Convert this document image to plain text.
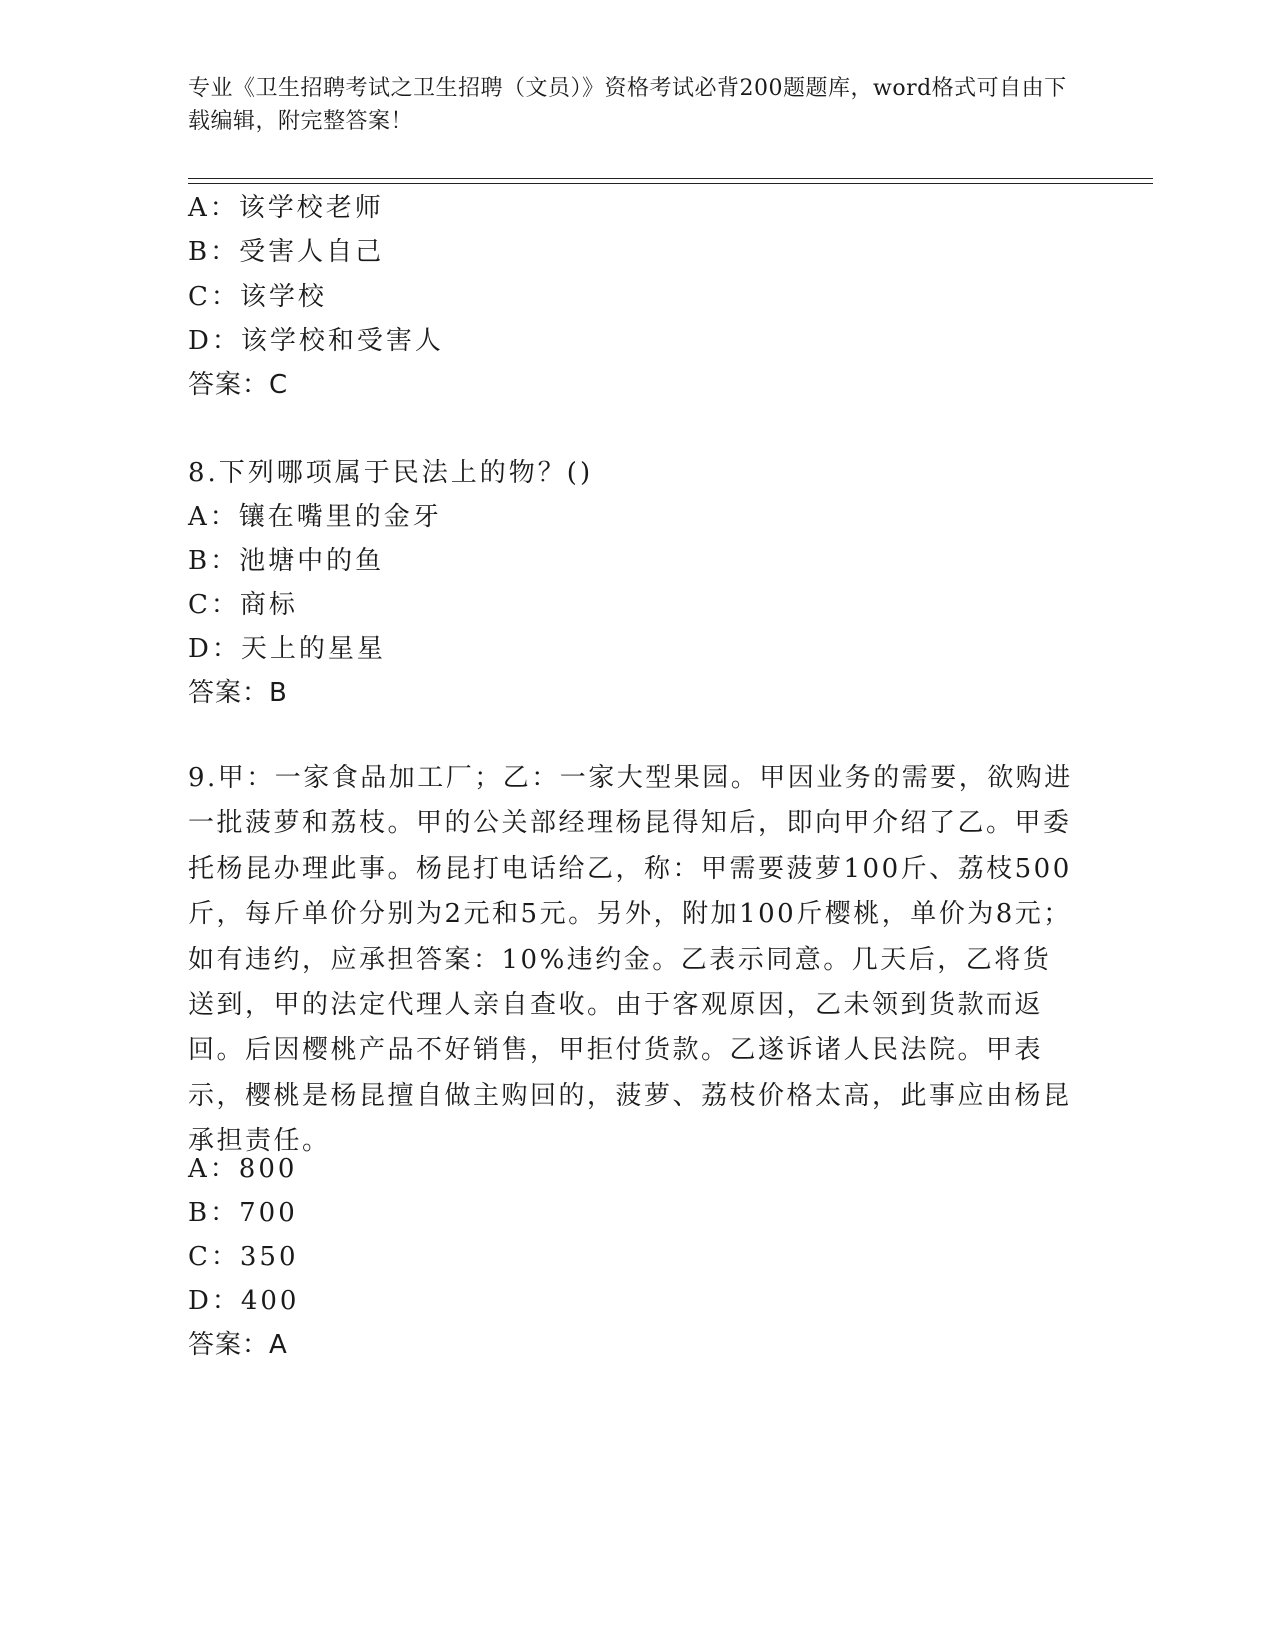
专业《卫生招聘考试之卫生招聘（文员）》资格考试必背200题题库，word格式可自由下载编辑，附完整答案！
A：该学校老师
B：受害人自己
C：该学校
D：该学校和受害人
答案：C
8.下列哪项属于民法上的物？()
A：镶在嘴里的金牙
B：池塘中的鱼
C：商标
D：天上的星星
答案：B
9.甲：一家食品加工厂；乙：一家大型果园。甲因业务的需要，欲购进一批菠萝和荔枝。甲的公关部经理杨昆得知后，即向甲介绍了乙。甲委托杨昆办理此事。杨昆打电话给乙，称：甲需要菠萝100斤、荔枝500斤，每斤单价分别为2元和5元。另外，附加100斤樱桃，单价为8元；如有违约，应承担答案：10%违约金。乙表示同意。几天后，乙将货送到，甲的法定代理人亲自查收。由于客观原因，乙未领到货款而返回。后因樱桃产品不好销售，甲拒付货款。乙遂诉诸人民法院。甲表示，樱桃是杨昆擅自做主购回的，菠萝、荔枝价格太高，此事应由杨昆承担责任。
A：800
B：700
C：350
D：400
答案：A
